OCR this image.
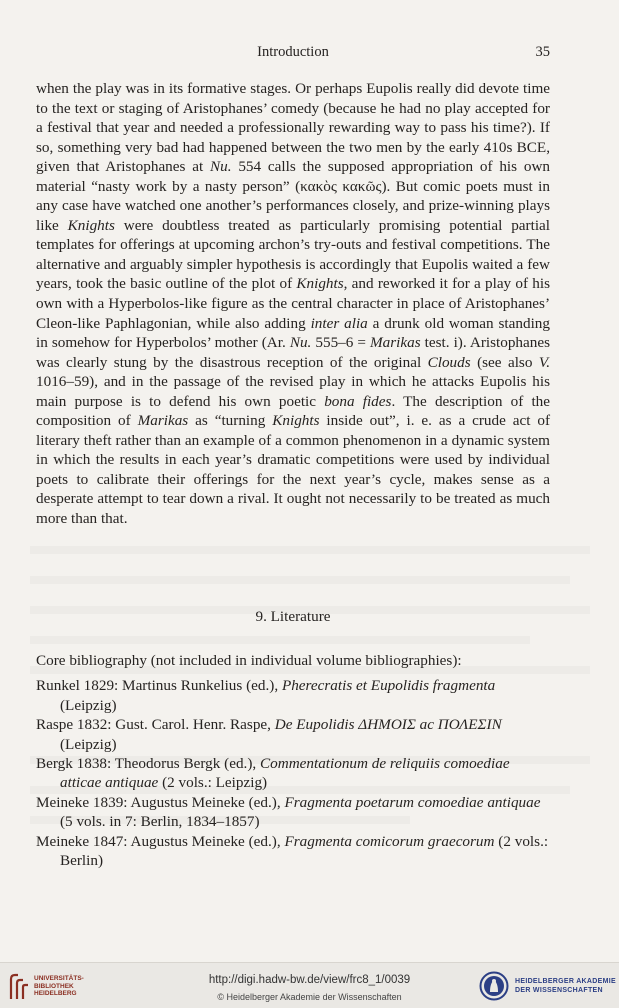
Introduction	35

when the play was in its formative stages. Or perhaps Eupolis really did devote time to the text or staging of Aristophanes’ comedy (because he had no play accepted for a festival that year and needed a professionally rewarding way to pass his time?). If so, something very bad had happened between the two men by the early 410s BCE, given that Aristophanes at Nu. 554 calls the supposed appropriation of his own material “nasty work by a nasty person” (κακὸς κακῶς). But comic poets must in any case have watched one another’s performances closely, and prize-winning plays like Knights were doubtless treated as particularly promising potential partial templates for offerings at upcoming archon’s try-outs and festival competitions. The alternative and arguably simpler hypothesis is accordingly that Eupolis waited a few years, took the basic outline of the plot of Knights, and reworked it for a play of his own with a Hyperbolos-like figure as the central character in place of Aristophanes’ Cleon-like Paphlagonian, while also adding inter alia a drunk old woman standing in somehow for Hyperbolos’ mother (Ar. Nu. 555–6 = Marikas test. i). Aristophanes was clearly stung by the disastrous reception of the original Clouds (see also V. 1016–59), and in the passage of the revised play in which he attacks Eupolis his main purpose is to defend his own poetic bona fides. The description of the composition of Marikas as “turning Knights inside out”, i. e. as a crude act of literary theft rather than an example of a common phenomenon in a dynamic system in which the results in each year’s dramatic competitions were used by individual poets to calibrate their offerings for the next year’s cycle, makes sense as a desperate attempt to tear down a rival. It ought not necessarily to be treated as much more than that.

9. Literature

Core bibliography (not included in individual volume bibliographies):

Runkel 1829: Martinus Runkelius (ed.), Pherecratis et Eupolidis fragmenta (Leipzig)

Raspe 1832: Gust. Carol. Henr. Raspe, De Eupolidis ΔΗΜΟΙΣ ac ΠΟΛΕΣΙΝ (Leipzig)

Bergk 1838: Theodorus Bergk (ed.), Commentationum de reliquiis comoediae atticae antiquae (2 vols.: Leipzig)

Meineke 1839: Augustus Meineke (ed.), Fragmenta poetarum comoediae antiquae (5 vols. in 7: Berlin, 1834–1857)

Meineke 1847: Augustus Meineke (ed.), Fragmenta comicorum graecorum (2 vols.: Berlin)

UNIVERSITÄTS-
BIBLIOTHEK
HEIDELBERG
http://digi.hadw-bw.de/view/frc8_1/0039
© Heidelberger Akademie der Wissenschaften
HEIDELBERGER AKADEMIE
DER WISSENSCHAFTEN
